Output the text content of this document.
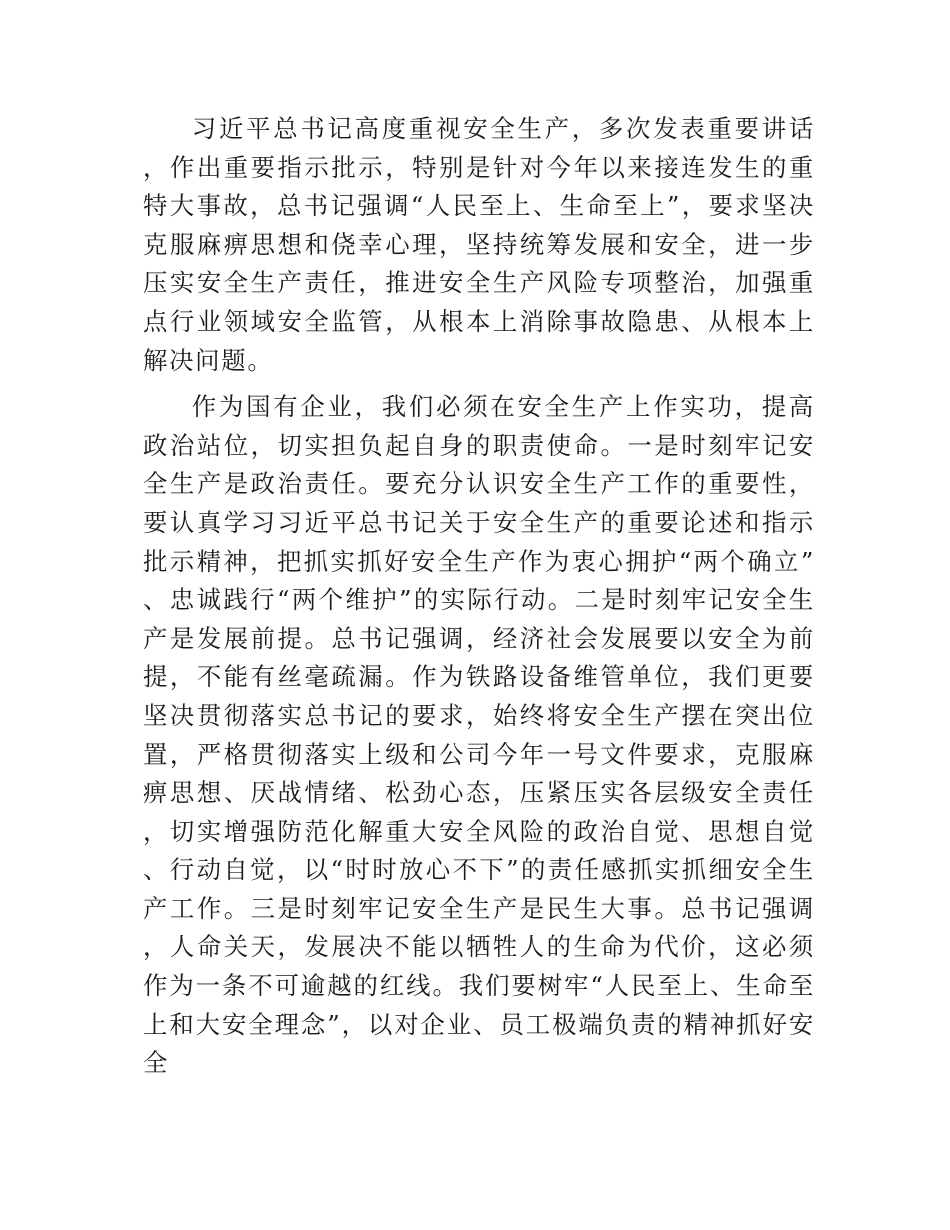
习近平总书记高度重视安全生产，多次发表重要讲话，作出重要指示批示，特别是针对今年以来接连发生的重特大事故，总书记强调“人民至上、生命至上”，要求坚决克服麻痹思想和侥幸心理，坚持统筹发展和安全，进一步压实安全生产责任，推进安全生产风险专项整治，加强重点行业领域安全监管，从根本上消除事故隐患、从根本上解决问题。

作为国有企业，我们必须在安全生产上作实功，提高政治站位，切实担负起自身的职责使命。一是时刻牢记安全生产是政治责任。要充分认识安全生产工作的重要性，要认真学习习近平总书记关于安全生产的重要论述和指示批示精神，把抓实抓好安全生产作为衷心拥护“两个确立”、忠诚践行“两个维护”的实际行动。二是时刻牢记安全生产是发展前提。总书记强调，经济社会发展要以安全为前提，不能有丝毫疏漏。作为铁路设备维管单位，我们更要坚决贯彻落实总书记的要求，始终将安全生产摆在突出位置，严格贯彻落实上级和公司今年一号文件要求，克服麻痹思想、厌战情绪、松劲心态，压紧压实各层级安全责任，切实增强防范化解重大安全风险的政治自觉、思想自觉、行动自觉，以“时时放心不下”的责任感抓实抓细安全生产工作。三是时刻牢记安全生产是民生大事。总书记强调，人命关天，发展决不能以牺牲人的生命为代价，这必须作为一条不可逾越的红线。我们要树牢“人民至上、生命至上和大安全理念”，以对企业、员工极端负责的精神抓好安全
